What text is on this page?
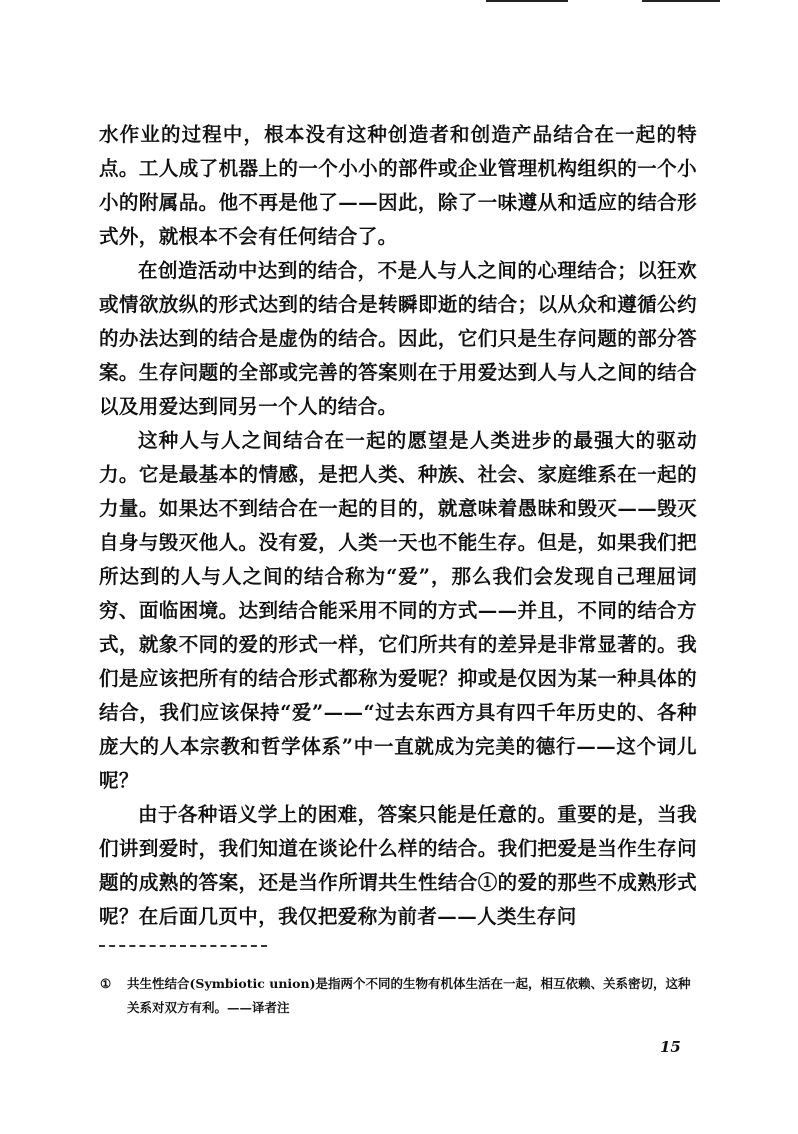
水作业的过程中，根本没有这种创造者和创造产品结合在一起的特点。工人成了机器上的一个小小的部件或企业管理机构组织的一个小小的附属品。他不再是他了——因此，除了一味遵从和适应的结合形式外，就根本不会有任何结合了。

在创造活动中达到的结合，不是人与人之间的心理结合；以狂欢或情欲放纵的形式达到的结合是转瞬即逝的结合；以从众和遵循公约的办法达到的结合是虚伪的结合。因此，它们只是生存问题的部分答案。生存问题的全部或完善的答案则在于用爱达到人与人之间的结合以及用爱达到同另一个人的结合。

这种人与人之间结合在一起的愿望是人类进步的最强大的驱动力。它是最基本的情感，是把人类、种族、社会、家庭维系在一起的力量。如果达不到结合在一起的目的，就意味着愚昧和毁灭——毁灭自身与毁灭他人。没有爱，人类一天也不能生存。但是，如果我们把所达到的人与人之间的结合称为“爱”，那么我们会发现自己理屈词穷、面临困境。达到结合能采用不同的方式——并且，不同的结合方式，就象不同的爱的形式一样，它们所共有的差异是非常显著的。我们是应该把所有的结合形式都称为爱呢？抑或是仅因为某一种具体的结合，我们应该保持“爱”——“过去东西方具有四千年历史的、各种庞大的人本宗教和哲学体系”中一直就成为完美的德行——这个词儿呢？

由于各种语义学上的困难，答案只能是任意的。重要的是，当我们讲到爱时，我们知道在谈论什么样的结合。我们把爱是当作生存问题的成熟的答案，还是当作所谓共生性结合①的爱的那些不成熟形式呢？在后面几页中，我仅把爱称为前者——人类生存问

① 共生性结合(Symbiotic union)是指两个不同的生物有机体生活在一起，相互依赖、关系密切，这种关系对双方有利。——译者注
15
